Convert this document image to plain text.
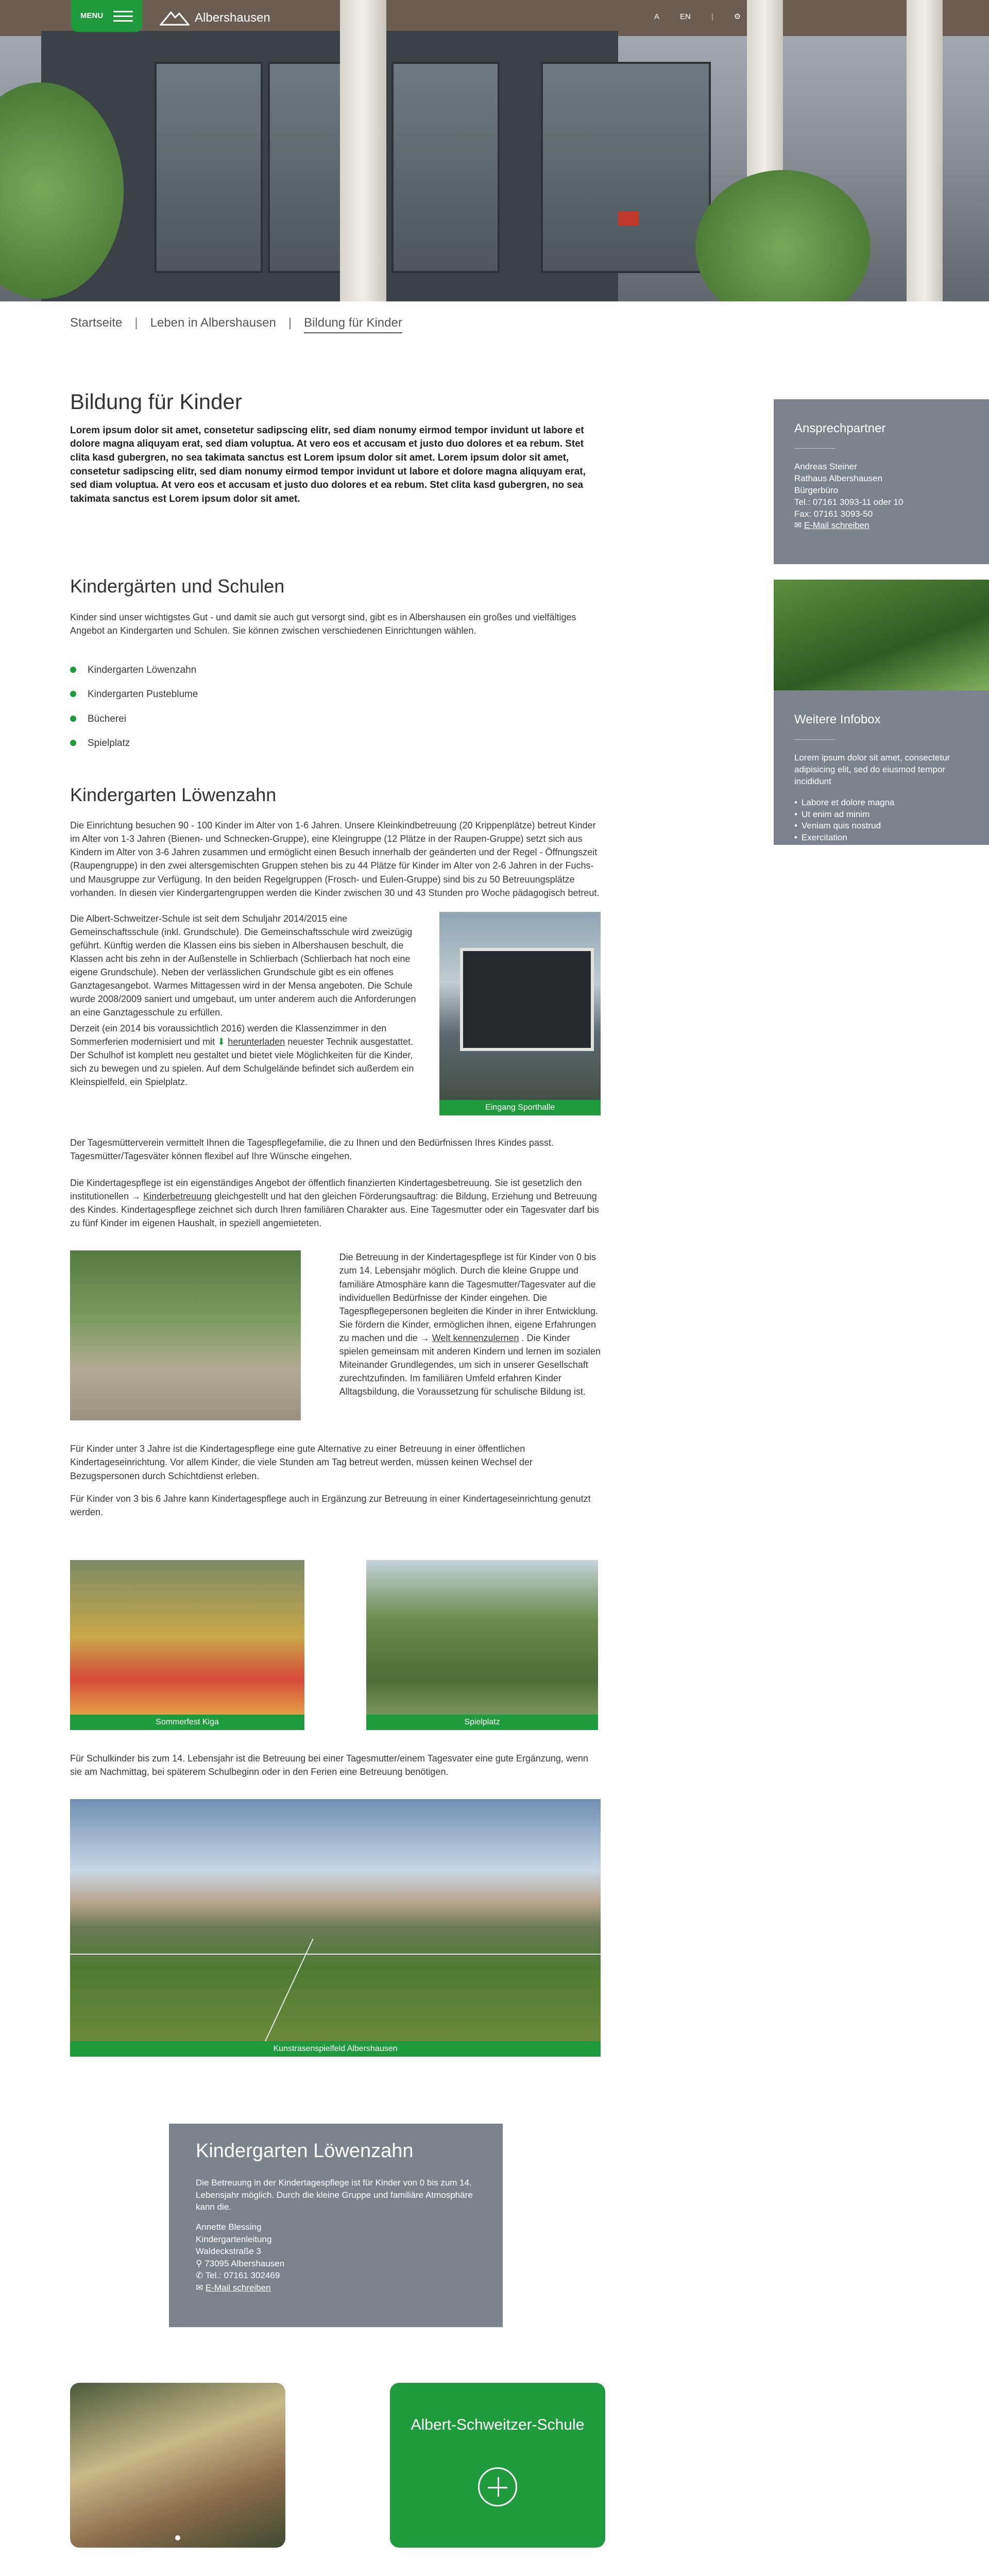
MENU	Albershausen	A	EN	|	⚙
Startseite | Leben in Albershausen | Bildung für Kinder
Bildung für Kinder

Lorem ipsum dolor sit amet, consetetur sadipscing elitr, sed diam nonumy eirmod tempor invidunt ut labore et dolore magna aliquyam erat, sed diam voluptua. At vero eos et accusam et justo duo dolores et ea rebum. Stet clita kasd gubergren, no sea takimata sanctus est Lorem ipsum dolor sit amet. Lorem ipsum dolor sit amet, consetetur sadipscing elitr, sed diam nonumy eirmod tempor invidunt ut labore et dolore magna aliquyam erat, sed diam voluptua. At vero eos et accusam et justo duo dolores et ea rebum. Stet clita kasd gubergren, no sea takimata sanctus est Lorem ipsum dolor sit amet.

Kindergärten und Schulen

Kinder sind unser wichtigstes Gut - und damit sie auch gut versorgt sind, gibt es in Albershausen ein großes und vielfältiges Angebot an Kindergarten und Schulen. Sie können zwischen verschiedenen Einrichtungen wählen.

Kindergarten Löwenzahn
Kindergarten Pusteblume
Bücherei
Spielplatz
Kindergarten Löwenzahn

Die Einrichtung besuchen 90 - 100 Kinder im Alter von 1-6 Jahren. Unsere Kleinkindbetreuung (20 Krippenplätze) betreut Kinder im Alter von 1-3 Jahren (Bienen- und Schnecken-Gruppe), eine Kleingruppe (12 Plätze in der Raupen-Gruppe) setzt sich aus Kindern im Alter von 3-6 Jahren zusammen und ermöglicht einen Besuch innerhalb der geänderten und der Regel - Öffnungszeit (Raupengruppe) in den zwei altersgemischten Gruppen stehen bis zu 44 Plätze für Kinder im Alter von 2-6 Jahren in der Fuchs- und Mausgruppe zur Verfügung. In den beiden Regelgruppen (Frosch- und Eulen-Gruppe) sind bis zu 50 Betreuungsplätze vorhanden. In diesen vier Kindergartengruppen werden die Kinder zwischen 30 und 43 Stunden pro Woche pädagogisch betreut.

Die Albert-Schweitzer-Schule ist seit dem Schuljahr 2014/2015 eine Gemeinschaftsschule (inkl. Grundschule). Die Gemeinschaftsschule wird zweizügig geführt. Künftig werden die Klassen eins bis sieben in Albershausen beschult, die Klassen acht bis zehn in der Außenstelle in Schlierbach (Schlierbach hat noch eine eigene Grundschule). Neben der verlässlichen Grundschule gibt es ein offenes Ganztagesangebot. Warmes Mittagessen wird in der Mensa angeboten. Die Schule wurde 2008/2009 saniert und umgebaut, um unter anderem auch die Anforderungen an eine Ganztagesschule zu erfüllen.

Derzeit (ein 2014 bis voraussichtlich 2016) werden die Klassenzimmer in den Sommerferien modernisiert und mit ⬇ herunterladen neuester Technik ausgestattet. Der Schulhof ist komplett neu gestaltet und bietet viele Möglichkeiten für die Kinder, sich zu bewegen und zu spielen. Auf dem Schulgelände befindet sich außerdem ein Kleinspielfeld, ein Spielplatz.

Eingang Sporthalle

Der Tagesmütterverein vermittelt Ihnen die Tagespflegefamilie, die zu Ihnen und den Bedürfnissen Ihres Kindes passt. Tagesmütter/Tagesväter können flexibel auf Ihre Wünsche eingehen.

Die Kindertagespflege ist ein eigenständiges Angebot der öffentlich finanzierten Kindertagesbetreuung. Sie ist gesetzlich den institutionellen → Kinderbetreuung gleichgestellt und hat den gleichen Förderungsauftrag: die Bildung, Erziehung und Betreuung des Kindes. Kindertagespflege zeichnet sich durch Ihren familiären Charakter aus. Eine Tagesmutter oder ein Tagesvater darf bis zu fünf Kinder im eigenen Haushalt, in speziell angemieteten.

Die Betreuung in der Kindertagespflege ist für Kinder von 0 bis zum 14. Lebensjahr möglich. Durch die kleine Gruppe und familiäre Atmosphäre kann die Tagesmutter/Tagesvater auf die individuellen Bedürfnisse der Kinder eingehen. Die Tagespflegepersonen begleiten die Kinder in ihrer Entwicklung. Sie fördern die Kinder, ermöglichen ihnen, eigene Erfahrungen zu machen und die → Welt kennenzulernen . Die Kinder spielen gemeinsam mit anderen Kindern und lernen im sozialen Miteinander Grundlegendes, um sich in unserer Gesellschaft zurechtzufinden. Im familiären Umfeld erfahren Kinder Alltagsbildung, die Voraussetzung für schulische Bildung ist.

Für Kinder unter 3 Jahre ist die Kindertagespflege eine gute Alternative zu einer Betreuung in einer öffentlichen Kindertageseinrichtung. Vor allem Kinder, die viele Stunden am Tag betreut werden, müssen keinen Wechsel der Bezugspersonen durch Schichtdienst erleben.

Für Kinder von 3 bis 6 Jahre kann Kindertagespflege auch in Ergänzung zur Betreuung in einer Kindertageseinrichtung genutzt werden.

Sommerfest Kiga	Spielplatz

Für Schulkinder bis zum 14. Lebensjahr ist die Betreuung bei einer Tagesmutter/einem Tagesvater eine gute Ergänzung, wenn sie am Nachmittag, bei späterem Schulbeginn oder in den Ferien eine Betreuung benötigen.

Kunstrasenspielfeld Albershausen
Ansprechpartner
Andreas Steiner
Rathaus Albershausen
Bürgerbüro
Tel.: 07161 3093-11 oder 10
Fax: 07161 3093-50
✉ E-Mail schreiben
Weitere Infobox
Lorem ipsum dolor sit amet, consectetur adipisicing elit, sed do eiusmod tempor incididunt
• Labore et dolore magna
• Ut enim ad minim
• Veniam quis nostrud
• Exercitation
Kindergarten Löwenzahn

Die Betreuung in der Kindertagespflege ist für Kinder von 0 bis zum 14. Lebensjahr möglich. Durch die kleine Gruppe und familiäre Atmosphäre kann die.

Annette Blessing
Kindergartenleitung
Waldeckstraße 3
⚲ 73095 Albershausen
✆ Tel.: 07161 302469
✉ E-Mail schreiben
Albert-Schweitzer-Schule
